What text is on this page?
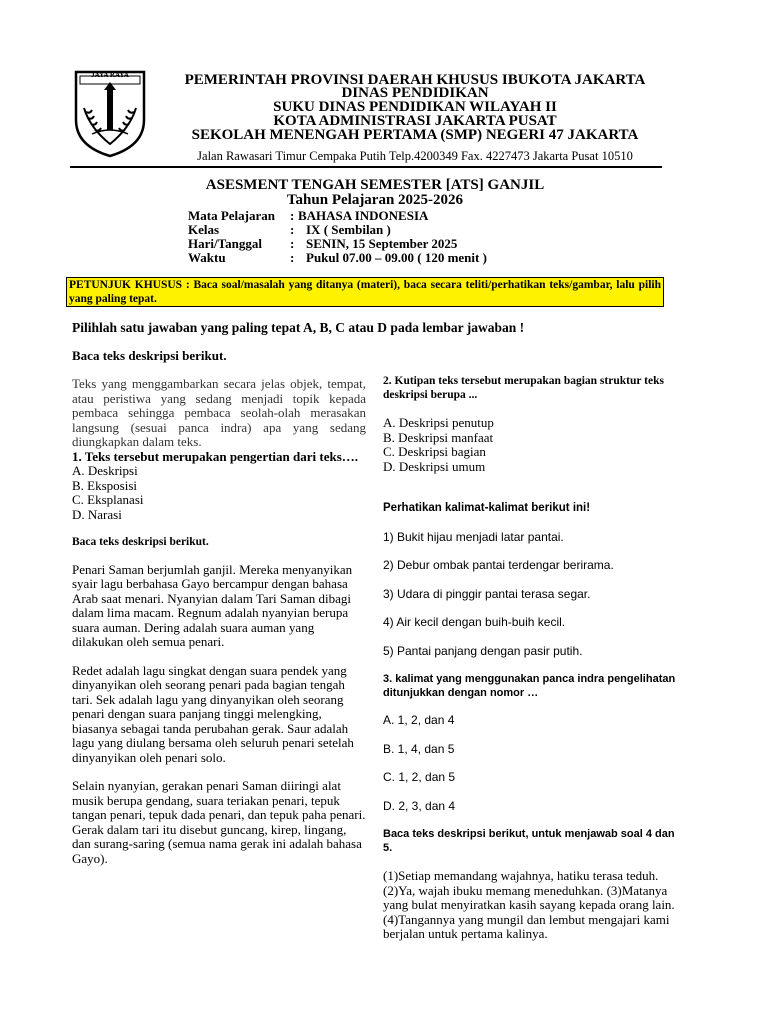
JAYA RAYA	PEMERINTAH PROVINSI DAERAH KHUSUS IBUKOTA JAKARTA
DINAS PENDIDIKAN
SUKU DINAS PENDIDIKAN WILAYAH II
KOTA ADMINISTRASI JAKARTA PUSAT
SEKOLAH MENENGAH PERTAMA (SMP) NEGERI 47 JAKARTA
Jalan Rawasari Timur Cempaka Putih Telp.4200349 Fax. 4227473 Jakarta Pusat 10510
ASESMENT TENGAH SEMESTER [ATS] GANJIL
Tahun Pelajaran 2025-2026
Mata Pelajaran : BAHASA INDONESIA
Kelas	: IX ( Sembilan )
Hari/Tanggal : SENIN, 15 September 2025
Waktu	: Pukul 07.00 – 09.00 ( 120 menit )
PETUNJUK KHUSUS : Baca soal/masalah yang ditanya (materi), baca secara teliti/perhatikan teks/gambar, lalu pilih yang paling tepat.
Pilihlah satu jawaban yang paling tepat A, B, C atau D pada lembar jawaban !
Baca teks deskripsi berikut.

Teks yang menggambarkan secara jelas objek, tempat, atau peristiwa yang sedang menjadi topik kepada pembaca sehingga pembaca seolah-olah merasakan langsung (sesuai panca indra) apa yang sedang diungkapkan dalam teks.

1. Teks tersebut merupakan pengertian dari teks….

A. Deskripsi

B. Eksposisi

C. Eksplanasi

D. Narasi

Baca teks deskripsi berikut.

Penari Saman berjumlah ganjil. Mereka menyanyikan syair lagu berbahasa Gayo bercampur dengan bahasa Arab saat menari. Nyanyian dalam Tari Saman dibagi dalam lima macam. Regnum adalah nyanyian berupa suara auman. Dering adalah suara auman yang dilakukan oleh semua penari.

Redet adalah lagu singkat dengan suara pendek yang dinyanyikan oleh seorang penari pada bagian tengah tari. Sek adalah lagu yang dinyanyikan oleh seorang penari dengan suara panjang tinggi melengking, biasanya sebagai tanda perubahan gerak. Saur adalah lagu yang diulang bersama oleh seluruh penari setelah dinyanyikan oleh penari solo.

Selain nyanyian, gerakan penari Saman diiringi alat musik berupa gendang, suara teriakan penari, tepuk tangan penari, tepuk dada penari, dan tepuk paha penari. Gerak dalam tari itu disebut guncang, kirep, lingang, dan surang-saring (semua nama gerak ini adalah bahasa Gayo).

2. Kutipan teks tersebut merupakan bagian struktur teks deskripsi berupa ...

A. Deskripsi penutup

B. Deskripsi manfaat

C. Deskripsi bagian

D. Deskripsi umum

Perhatikan kalimat-kalimat berikut ini!

1) Bukit hijau menjadi latar pantai.

2) Debur ombak pantai terdengar berirama.

3) Udara di pinggir pantai terasa segar.

4) Air kecil dengan buih-buih kecil.

5) Pantai panjang dengan pasir putih.

3. kalimat yang menggunakan panca indra pengelihatan ditunjukkan dengan nomor …

A. 1, 2, dan 4

B. 1, 4, dan 5

C. 1, 2, dan 5

D. 2, 3, dan 4

Baca teks deskripsi berikut, untuk menjawab soal 4 dan 5.

(1)Setiap memandang wajahnya, hatiku terasa teduh. (2)Ya, wajah ibuku memang meneduhkan. (3)Matanya yang bulat menyiratkan kasih sayang kepada orang lain. (4)Tangannya yang mungil dan lembut mengajari kami berjalan untuk pertama kalinya.
